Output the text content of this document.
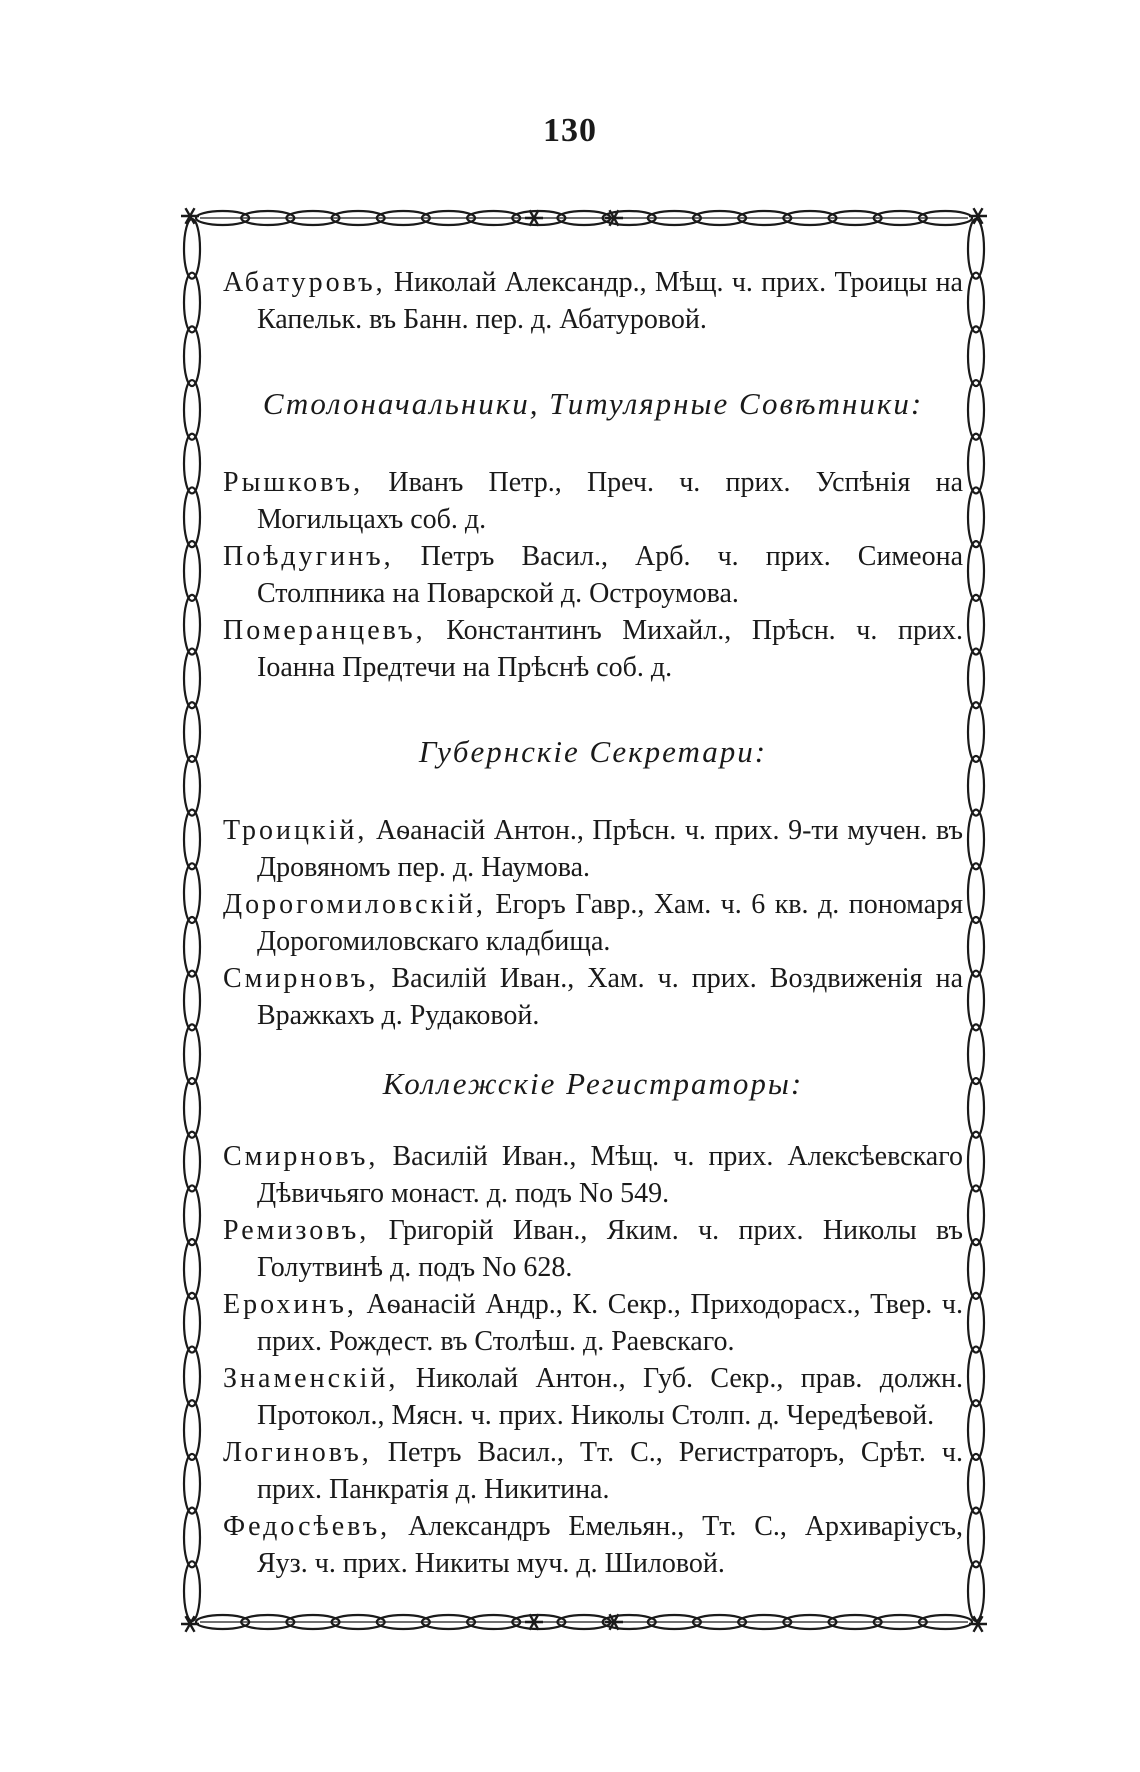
130

Абатуровъ, Николай Александр., Мѣщ. ч. прих. Троицы на Капельк. въ Банн. пер. д. Абатуровой.

Столоначальники, Титулярные Совѣтники:

Рышковъ, Иванъ Петр., Преч. ч. прих. Успѣнія на Могильцахъ соб. д.

Поѣдугинъ, Петръ Васил., Арб. ч. прих. Симеона Столпника на Поварской д. Остроумова.

Померанцевъ, Константинъ Михайл., Прѣсн. ч. прих. Іоанна Предтечи на Прѣснѣ соб. д.

Губернскіе Секретари:

Троицкій, Аѳанасій Антон., Прѣсн. ч. прих. 9-ти мучен. въ Дровяномъ пер. д. Наумова.

Дорогомиловскій, Егоръ Гавр., Хам. ч. 6 кв. д. пономаря Дорогомиловскаго кладбища.

Смирновъ, Василій Иван., Хам. ч. прих. Воздвиженія на Вражкахъ д. Рудаковой.

Коллежскіе Регистраторы:

Смирновъ, Василій Иван., Мѣщ. ч. прих. Алексѣевскаго Дѣвичьяго монаст. д. подъ No 549.

Ремизовъ, Григорій Иван., Яким. ч. прих. Николы въ Голутвинѣ д. подъ No 628.

Ерохинъ, Аѳанасій Андр., К. Секр., Приходорасх., Твер. ч. прих. Рождест. въ Столѣш. д. Раевскаго.

Знаменскій, Николай Антон., Губ. Секр., прав. должн. Протокол., Мясн. ч. прих. Николы Столп. д. Чередѣевой.

Логиновъ, Петръ Васил., Тт. С., Регистраторъ, Срѣт. ч. прих. Панкратія д. Никитина.

Федосѣевъ, Александръ Емельян., Тт. С., Архиваріусъ, Яуз. ч. прих. Никиты муч. д. Шиловой.
